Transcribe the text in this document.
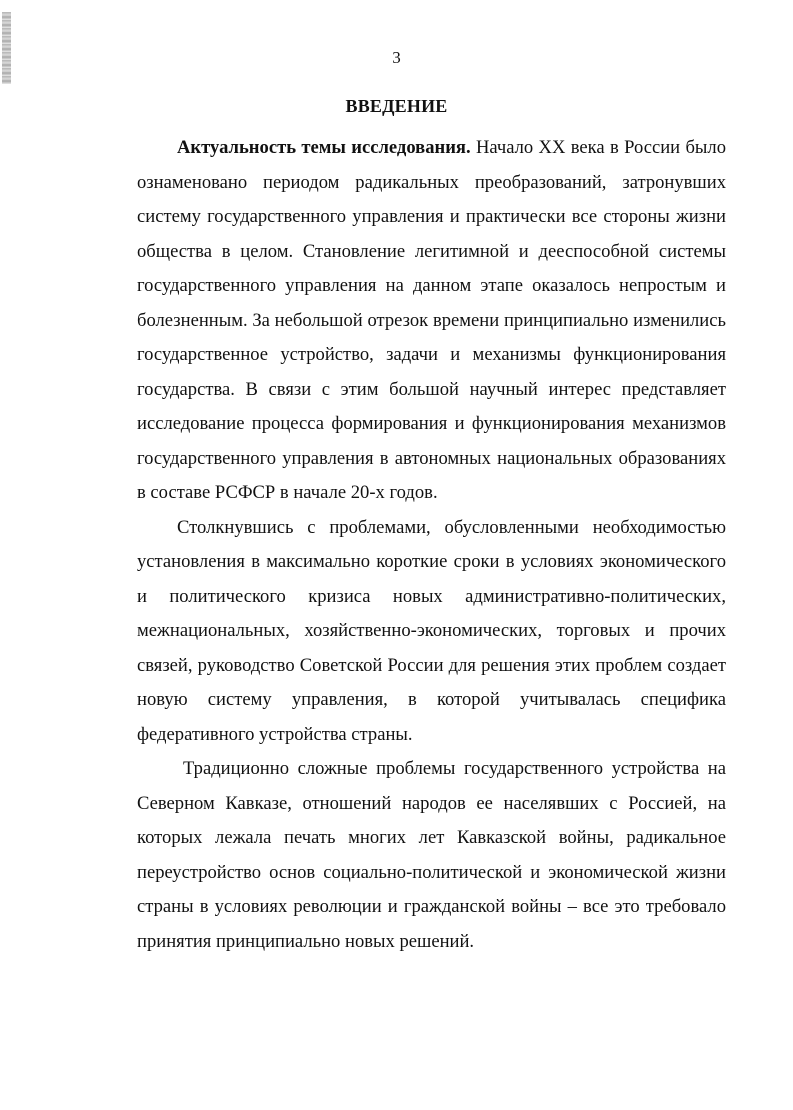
3
ВВЕДЕНИЕ

Актуальность темы исследования. Начало XX века в России было ознаменовано периодом радикальных преобразований, затронувших систему государственного управления и практически все стороны жизни общества в целом. Становление легитимной и дееспособной системы государственного управления на данном этапе оказалось непростым и болезненным. За небольшой отрезок времени принципиально изменились государственное устройство, задачи и механизмы функционирования государства. В связи с этим большой научный интерес представляет исследование процесса формирования и функционирования механизмов государственного управления в автономных национальных образованиях в составе РСФСР в начале 20-х годов.

Столкнувшись с проблемами, обусловленными необходимостью установления в максимально короткие сроки в условиях экономического и политического кризиса новых административно-политических, межнациональных, хозяйственно-экономических, торговых и прочих связей, руководство Советской России для решения этих проблем создает новую систему управления, в которой учитывалась специфика федеративного устройства страны.

Традиционно сложные проблемы государственного устройства на Северном Кавказе, отношений народов ее населявших с Россией, на которых лежала печать многих лет Кавказской войны, радикальное переустройство основ социально-политической и экономической жизни страны в условиях революции и гражданской войны – все это требовало принятия принципиально новых решений.
